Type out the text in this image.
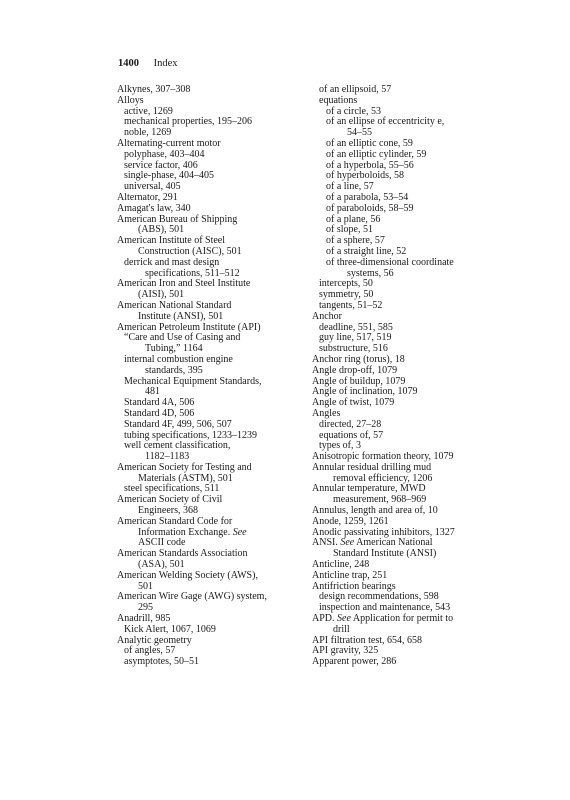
1400 Index
Alkynes, 307–308
Alloys
active, 1269
mechanical properties, 195–206
noble, 1269
Alternating-current motor
polyphase, 403–404
service factor, 406
single-phase, 404–405
universal, 405
Alternator, 291
Amagat's law, 340
American Bureau of Shipping
(ABS), 501
American Institute of Steel
Construction (AISC), 501
derrick and mast design
specifications, 511–512
American Iron and Steel Institute
(AISI), 501
American National Standard
Institute (ANSI), 501
American Petroleum Institute (API)
“Care and Use of Casing and
Tubing,” 1164
internal combustion engine
standards, 395
Mechanical Equipment Standards,
481
Standard 4A, 506
Standard 4D, 506
Standard 4F, 499, 506, 507
tubing specifications, 1233–1239
well cement classification,
1182–1183
American Society for Testing and
Materials (ASTM), 501
steel specifications, 511
American Society of Civil
Engineers, 368
American Standard Code for
Information Exchange. See
ASCII code
American Standards Association
(ASA), 501
American Welding Society (AWS),
501
American Wire Gage (AWG) system,
295
Anadrill, 985
Kick Alert, 1067, 1069
Analytic geometry
of angles, 57
asymptotes, 50–51
of an ellipsoid, 57
equations
of a circle, 53
of an ellipse of eccentricity e,
54–55
of an elliptic cone, 59
of an elliptic cylinder, 59
of a hyperbola, 55–56
of hyperboloids, 58
of a line, 57
of a parabola, 53–54
of paraboloids, 58–59
of a plane, 56
of slope, 51
of a sphere, 57
of a straight line, 52
of three-dimensional coordinate
systems, 56
intercepts, 50
symmetry, 50
tangents, 51–52
Anchor
deadline, 551, 585
guy line, 517, 519
substructure, 516
Anchor ring (torus), 18
Angle drop-off, 1079
Angle of buildup, 1079
Angle of inclination, 1079
Angle of twist, 1079
Angles
directed, 27–28
equations of, 57
types of, 3
Anisotropic formation theory, 1079
Annular residual drilling mud
removal efficiency, 1206
Annular temperature, MWD
measurement, 968–969
Annulus, length and area of, 10
Anode, 1259, 1261
Anodic passivating inhibitors, 1327
ANSI. See American National
Standard Institute (ANSI)
Anticline, 248
Anticline trap, 251
Antifriction bearings
design recommendations, 598
inspection and maintenance, 543
APD. See Application for permit to
drill
API filtration test, 654, 658
API gravity, 325
Apparent power, 286
